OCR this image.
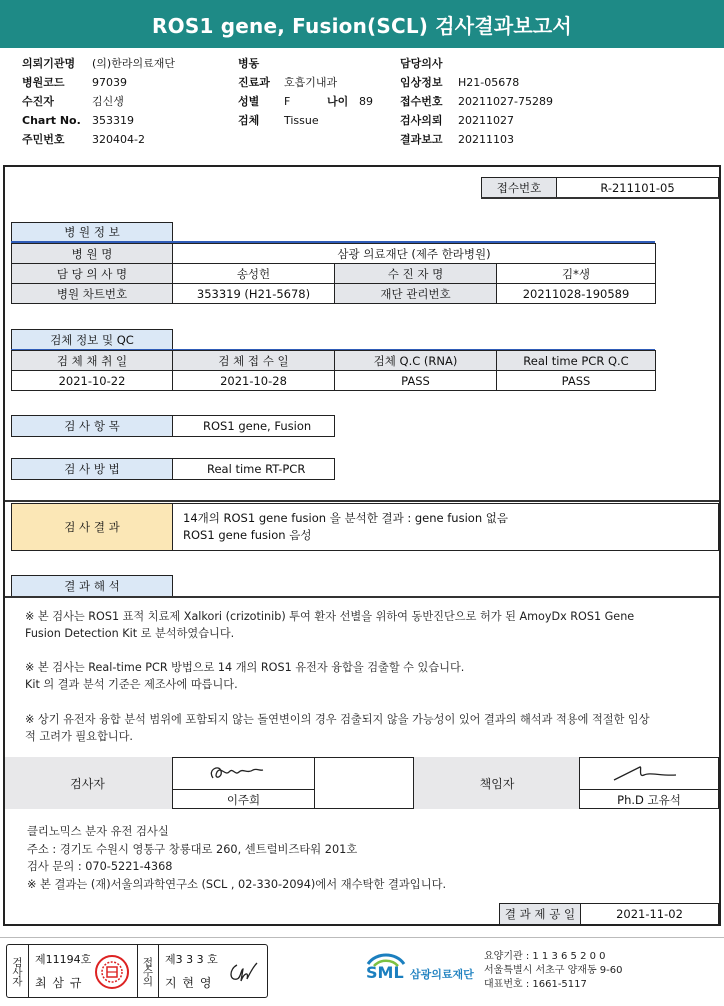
ROS1 gene, Fusion(SCL) 검사결과보고서
의뢰기관명	(의)한라의료재단
병원코드	97039
수진자	김신생
Chart No.	353319
주민번호	320404-2
병동
진료과	호흡기내과
성별	F	나이 89
검체	Tissue
담당의사
임상정보	H21-05678
접수번호	20211027-75289
검사의뢰	20211027
결과보고	20211103
접수번호	R-211101-05
병 원 정 보
병 원 명	삼광 의료재단 (제주 한라병원)
담 당 의 사 명	송성헌	수 진 자 명	김*생
병원 차트번호	353319 (H21-5678)	재단 관리번호	20211028-190589
검체 정보 및 QC
검 체 채 취 일	검 체 접 수 일	검체 Q.C (RNA)	Real time PCR Q.C
2021-10-22	2021-10-28	PASS	PASS
검 사 항 목	ROS1 gene, Fusion
검 사 방 법	Real time RT-PCR
검 사 결 과
14개의 ROS1 gene fusion 을 분석한 결과 : gene fusion 없음
ROS1 gene fusion 음성
결 과 해 석
※ 본 검사는 ROS1 표적 치료제 Xalkori (crizotinib) 투여 환자 선별을 위하여 동반진단으로 허가 된 AmoyDx ROS1 Gene
Fusion Detection Kit 로 분석하였습니다.
※ 본 검사는 Real-time PCR 방법으로 14 개의 ROS1 유전자 융합을 검출할 수 있습니다.
Kit 의 결과 분석 기준은 제조사에 따릅니다.
※ 상기 유전자 융합 분석 범위에 포함되지 않는 돌연변이의 경우 검출되지 않을 가능성이 있어 결과의 해석과 적용에 적절한 임상
적 고려가 필요합니다.
검사자
이주희
책임자
Ph.D 고유석
클리노믹스 분자 유전 검사실
주소 : 경기도 수원시 영통구 창룡대로 260, 센트럴비즈타워 201호
검사 문의 : 070-5221-4368
※ 본 결과는 (재)서울의과학연구소 (SCL , 02-330-2094)에서 재수탁한 결과입니다.
결 과 제 공 일	2021-11-02
검사자	제11194호
최 삼 규	접수의	제3 3 3 호
지 현 영
SML 삼광의료재단
요양기관 : 1 1 3 6 5 2 0 0
서울특별시 서초구 양재동 9-60
대표번호 : 1661-5117
